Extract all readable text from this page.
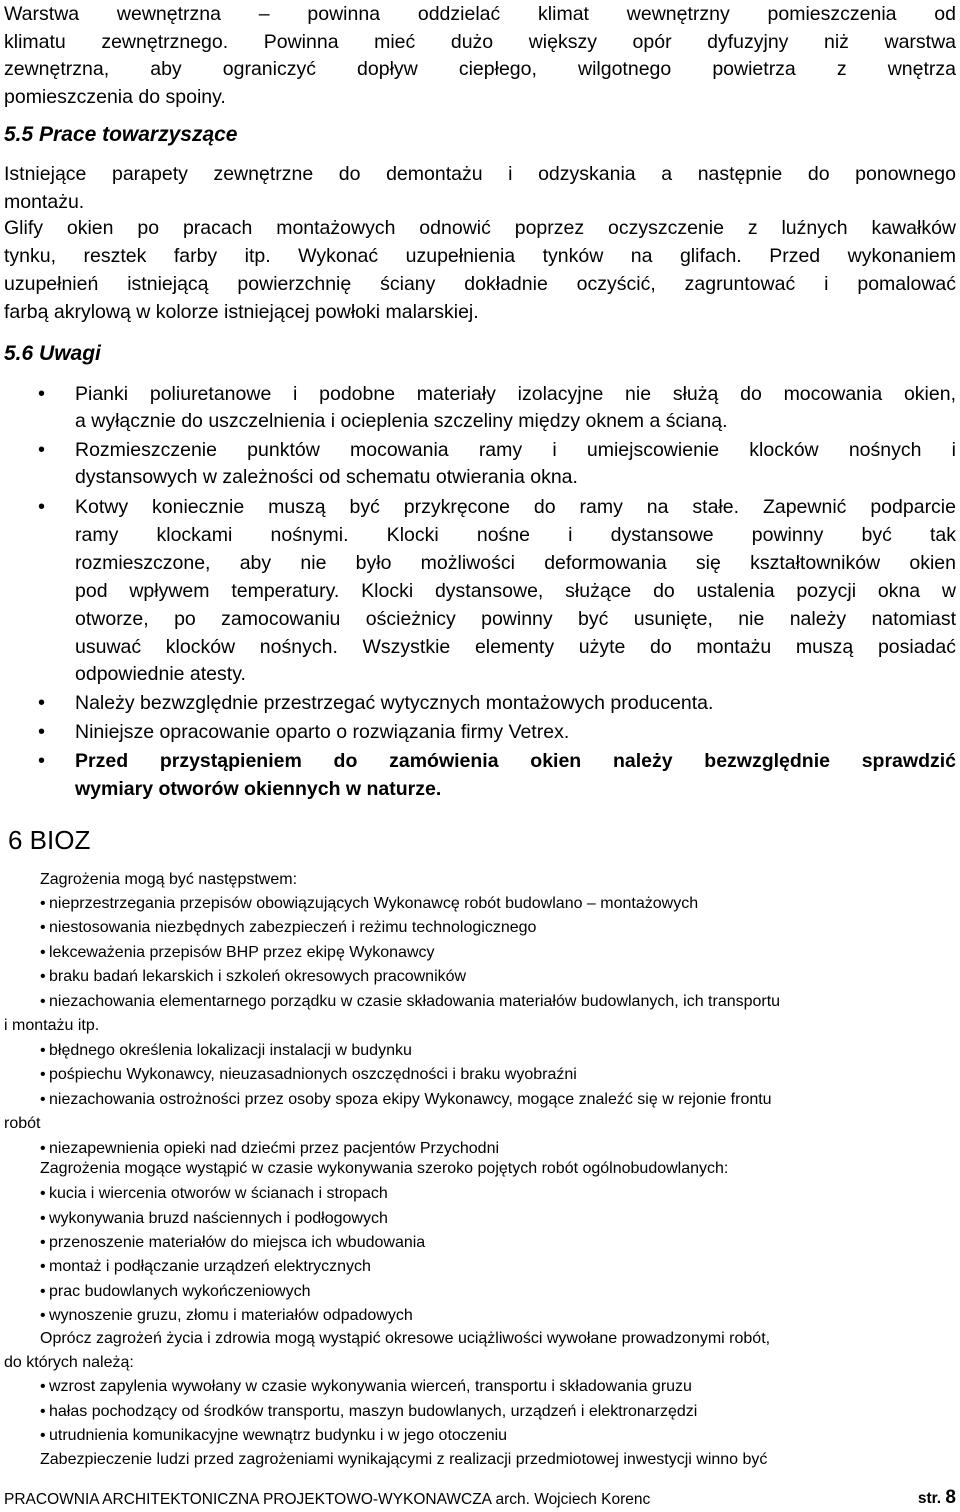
Warstwa wewnętrzna – powinna oddzielać klimat wewnętrzny pomieszczenia od
klimatu zewnętrznego. Powinna mieć dużo większy opór dyfuzyjny niż warstwa
zewnętrzna, aby ograniczyć dopływ ciepłego, wilgotnego powietrza z wnętrza
pomieszczenia do spoiny.
5.5 Prace towarzyszące
Istniejące parapety zewnętrzne do demontażu i odzyskania a następnie do ponownego
montażu.
Glify okien po pracach montażowych odnowić poprzez oczyszczenie z luźnych kawałków
tynku, resztek farby itp. Wykonać uzupełnienia tynków na glifach. Przed wykonaniem
uzupełnień istniejącą powierzchnię ściany dokładnie oczyścić, zagruntować i pomalować
farbą akrylową w kolorze istniejącej powłoki malarskiej.
5.6 Uwagi
• Pianki poliuretanowe i podobne materiały izolacyjne nie służą do mocowania okien,
a wyłącznie do uszczelnienia i ocieplenia szczeliny między oknem a ścianą.
• Rozmieszczenie punktów mocowania ramy i umiejscowienie klocków nośnych i
dystansowych w zależności od schematu otwierania okna.
• Kotwy koniecznie muszą być przykręcone do ramy na stałe. Zapewnić podparcie
ramy klockami nośnymi. Klocki nośne i dystansowe powinny być tak
rozmieszczone, aby nie było możliwości deformowania się kształtowników okien
pod wpływem temperatury. Klocki dystansowe, służące do ustalenia pozycji okna w
otworze, po zamocowaniu ościeżnicy powinny być usunięte, nie należy natomiast
usuwać klocków nośnych. Wszystkie elementy użyte do montażu muszą posiadać
odpowiednie atesty.
• Należy bezwzględnie przestrzegać wytycznych montażowych producenta.
• Niniejsze opracowanie oparto o rozwiązania firmy Vetrex.
• Przed przystąpieniem do zamówienia okien należy bezwzględnie sprawdzić
wymiary otworów okiennych w naturze.
6 BIOZ
Zagrożenia mogą być następstwem:
• nieprzestrzegania przepisów obowiązujących Wykonawcę robót budowlano – montażowych
• niestosowania niezbędnych zabezpieczeń i reżimu technologicznego
• lekceważenia przepisów BHP przez ekipę Wykonawcy
• braku badań lekarskich i szkoleń okresowych pracowników
• niezachowania elementarnego porządku w czasie składowania materiałów budowlanych, ich transportu
i montażu itp.
• błędnego określenia lokalizacji instalacji w budynku
• pośpiechu Wykonawcy, nieuzasadnionych oszczędności i braku wyobraźni
• niezachowania ostrożności przez osoby spoza ekipy Wykonawcy, mogące znaleźć się w rejonie frontu
robót
• niezapewnienia opieki nad dziećmi przez pacjentów Przychodni
Zagrożenia mogące wystąpić w czasie wykonywania szeroko pojętych robót ogólnobudowlanych:
• kucia i wiercenia otworów w ścianach i stropach
• wykonywania bruzd naściennych i podłogowych
• przenoszenie materiałów do miejsca ich wbudowania
• montaż i podłączanie urządzeń elektrycznych
• prac budowlanych wykończeniowych
• wynoszenie gruzu, złomu i materiałów odpadowych
Oprócz zagrożeń życia i zdrowia mogą wystąpić okresowe uciążliwości wywołane prowadzonymi robót,
do których należą:
• wzrost zapylenia wywołany w czasie wykonywania wierceń, transportu i składowania gruzu
• hałas pochodzący od środków transportu, maszyn budowlanych, urządzeń i elektronarzędzi
• utrudnienia komunikacyjne wewnątrz budynku i w jego otoczeniu
Zabezpieczenie ludzi przed zagrożeniami wynikającymi z realizacji przedmiotowej inwestycji winno być
PRACOWNIA ARCHITEKTONICZNA PROJEKTOWO-WYKONAWCZA arch. Wojciech Korenc	str. 8
